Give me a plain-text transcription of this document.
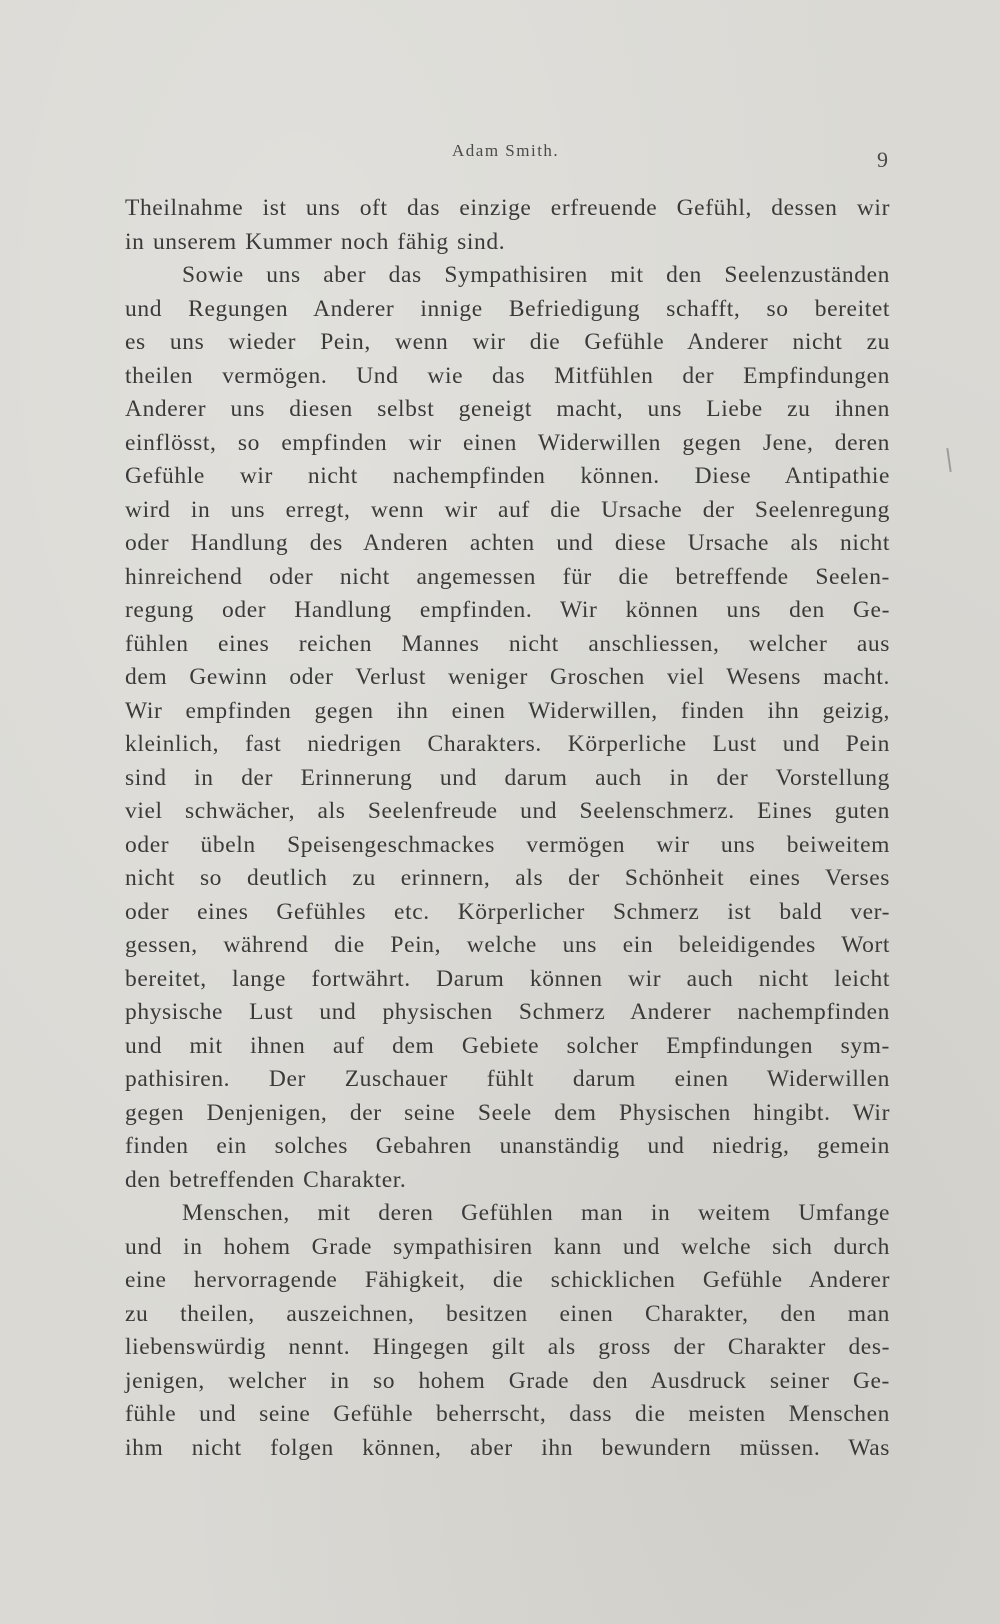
Adam Smith.	9
Theilnahme ist uns oft das einzige erfreuende Gefühl, dessen wir
in unserem Kummer noch fähig sind.
Sowie uns aber das Sympathisiren mit den Seelenzuständen
und Regungen Anderer innige Befriedigung schafft, so bereitet
es uns wieder Pein, wenn wir die Gefühle Anderer nicht zu
theilen vermögen. Und wie das Mitfühlen der Empfindungen
Anderer uns diesen selbst geneigt macht, uns Liebe zu ihnen
einflösst, so empfinden wir einen Widerwillen gegen Jene, deren
Gefühle wir nicht nachempfinden können. Diese Antipathie
wird in uns erregt, wenn wir auf die Ursache der Seelenregung
oder Handlung des Anderen achten und diese Ursache als nicht
hinreichend oder nicht angemessen für die betreffende Seelen-
regung oder Handlung empfinden. Wir können uns den Ge-
fühlen eines reichen Mannes nicht anschliessen, welcher aus
dem Gewinn oder Verlust weniger Groschen viel Wesens macht.
Wir empfinden gegen ihn einen Widerwillen, finden ihn geizig,
kleinlich, fast niedrigen Charakters. Körperliche Lust und Pein
sind in der Erinnerung und darum auch in der Vorstellung
viel schwächer, als Seelenfreude und Seelenschmerz. Eines guten
oder übeln Speisengeschmackes vermögen wir uns beiweitem
nicht so deutlich zu erinnern, als der Schönheit eines Verses
oder eines Gefühles etc. Körperlicher Schmerz ist bald ver-
gessen, während die Pein, welche uns ein beleidigendes Wort
bereitet, lange fortwährt. Darum können wir auch nicht leicht
physische Lust und physischen Schmerz Anderer nachempfinden
und mit ihnen auf dem Gebiete solcher Empfindungen sym-
pathisiren. Der Zuschauer fühlt darum einen Widerwillen
gegen Denjenigen, der seine Seele dem Physischen hingibt. Wir
finden ein solches Gebahren unanständig und niedrig, gemein
den betreffenden Charakter.
Menschen, mit deren Gefühlen man in weitem Umfange
und in hohem Grade sympathisiren kann und welche sich durch
eine hervorragende Fähigkeit, die schicklichen Gefühle Anderer
zu theilen, auszeichnen, besitzen einen Charakter, den man
liebenswürdig nennt. Hingegen gilt als gross der Charakter des-
jenigen, welcher in so hohem Grade den Ausdruck seiner Ge-
fühle und seine Gefühle beherrscht, dass die meisten Menschen
ihm nicht folgen können, aber ihn bewundern müssen. Was
